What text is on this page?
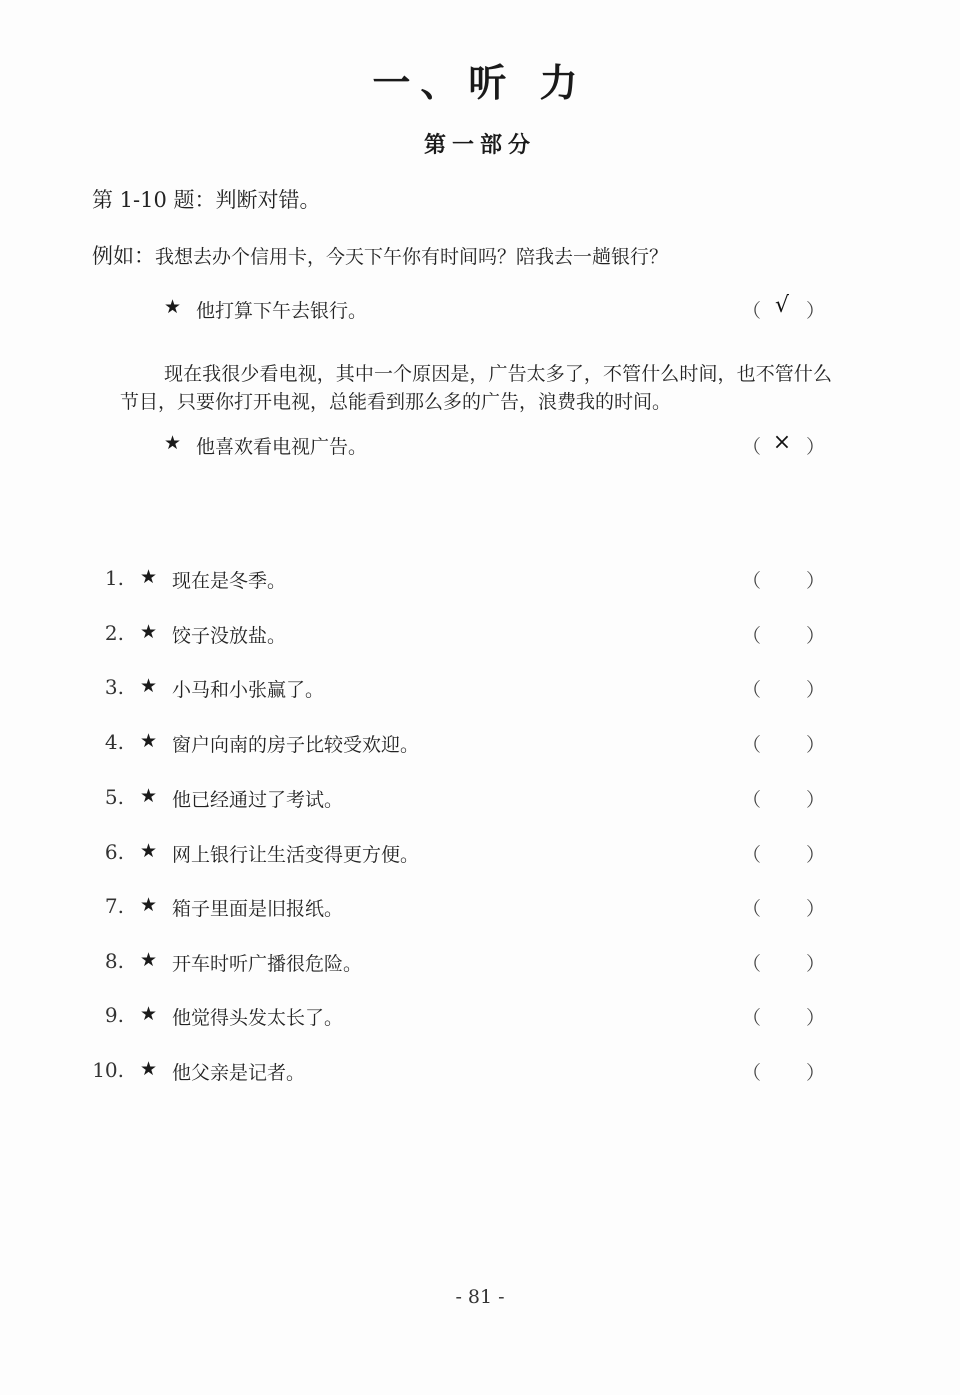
一、听 力
第一部分
第 1-10 题：判断对错。
例如：我想去办个信用卡，今天下午你有时间吗？陪我去一趟银行？
★ 他打算下午去银行。	（ √ ）
现在我很少看电视，其中一个原因是，广告太多了，不管什么时间，也不管什么节目，只要你打开电视，总能看到那么多的广告，浪费我的时间。
★ 他喜欢看电视广告。	（ × ）
1. ★ 现在是冬季。	（ ）
2. ★ 饺子没放盐。	（ ）
3. ★ 小马和小张赢了。	（ ）
4. ★ 窗户向南的房子比较受欢迎。	（ ）
5. ★ 他已经通过了考试。	（ ）
6. ★ 网上银行让生活变得更方便。	（ ）
7. ★ 箱子里面是旧报纸。	（ ）
8. ★ 开车时听广播很危险。	（ ）
9. ★ 他觉得头发太长了。	（ ）
10. ★ 他父亲是记者。	（ ）
- 81 -
